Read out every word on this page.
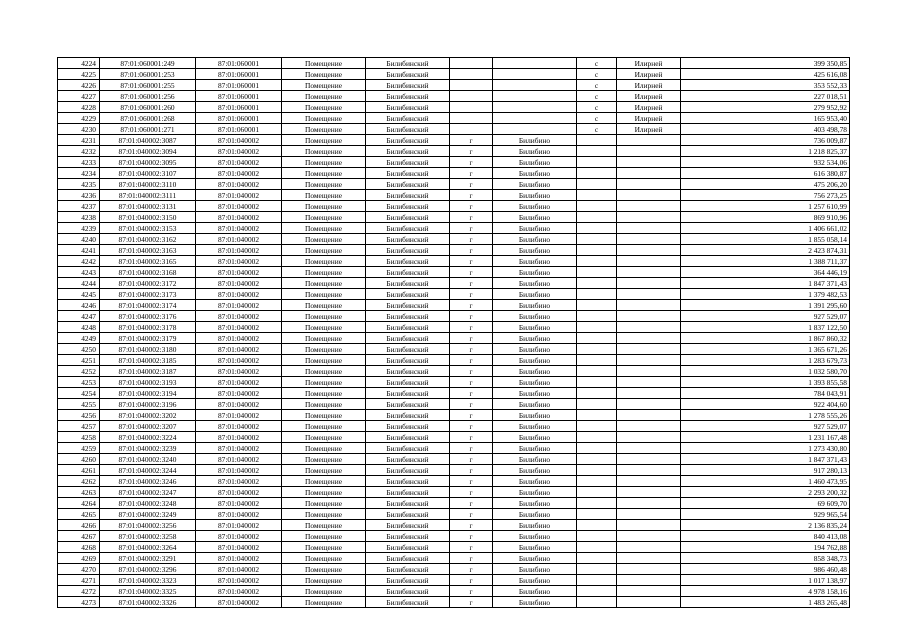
4224	87:01:060001:249	87:01:060001	Помещение	Билибинский			с	Илирней	399 350,85
4225	87:01:060001:253	87:01:060001	Помещение	Билибинский			с	Илирней	425 616,08
4226	87:01:060001:255	87:01:060001	Помещение	Билибинский			с	Илирней	353 552,33
4227	87:01:060001:256	87:01:060001	Помещение	Билибинский			с	Илирней	227 018,51
4228	87:01:060001:260	87:01:060001	Помещение	Билибинский			с	Илирней	279 952,92
4229	87:01:060001:268	87:01:060001	Помещение	Билибинский			с	Илирней	165 953,40
4230	87:01:060001:271	87:01:060001	Помещение	Билибинский			с	Илирней	403 498,78
4231	87:01:040002:3087	87:01:040002	Помещение	Билибинский	г	Билибино			736 009,87
4232	87:01:040002:3094	87:01:040002	Помещение	Билибинский	г	Билибино			1 218 825,37
4233	87:01:040002:3095	87:01:040002	Помещение	Билибинский	г	Билибино			932 534,06
4234	87:01:040002:3107	87:01:040002	Помещение	Билибинский	г	Билибино			616 380,87
4235	87:01:040002:3110	87:01:040002	Помещение	Билибинский	г	Билибино			475 206,20
4236	87:01:040002:3111	87:01:040002	Помещение	Билибинский	г	Билибино			756 273,25
4237	87:01:040002:3131	87:01:040002	Помещение	Билибинский	г	Билибино			1 257 610,99
4238	87:01:040002:3150	87:01:040002	Помещение	Билибинский	г	Билибино			869 910,96
4239	87:01:040002:3153	87:01:040002	Помещение	Билибинский	г	Билибино			1 406 661,02
4240	87:01:040002:3162	87:01:040002	Помещение	Билибинский	г	Билибино			1 855 058,14
4241	87:01:040002:3163	87:01:040002	Помещение	Билибинский	г	Билибино			2 423 874,31
4242	87:01:040002:3165	87:01:040002	Помещение	Билибинский	г	Билибино			1 388 711,37
4243	87:01:040002:3168	87:01:040002	Помещение	Билибинский	г	Билибино			364 446,19
4244	87:01:040002:3172	87:01:040002	Помещение	Билибинский	г	Билибино			1 847 371,43
4245	87:01:040002:3173	87:01:040002	Помещение	Билибинский	г	Билибино			1 379 482,53
4246	87:01:040002:3174	87:01:040002	Помещение	Билибинский	г	Билибино			1 391 295,60
4247	87:01:040002:3176	87:01:040002	Помещение	Билибинский	г	Билибино			927 529,07
4248	87:01:040002:3178	87:01:040002	Помещение	Билибинский	г	Билибино			1 837 122,50
4249	87:01:040002:3179	87:01:040002	Помещение	Билибинский	г	Билибино			1 867 860,32
4250	87:01:040002:3180	87:01:040002	Помещение	Билибинский	г	Билибино			1 365 671,26
4251	87:01:040002:3185	87:01:040002	Помещение	Билибинский	г	Билибино			1 283 679,73
4252	87:01:040002:3187	87:01:040002	Помещение	Билибинский	г	Билибино			1 032 580,70
4253	87:01:040002:3193	87:01:040002	Помещение	Билибинский	г	Билибино			1 393 855,58
4254	87:01:040002:3194	87:01:040002	Помещение	Билибинский	г	Билибино			784 043,91
4255	87:01:040002:3196	87:01:040002	Помещение	Билибинский	г	Билибино			922 404,60
4256	87:01:040002:3202	87:01:040002	Помещение	Билибинский	г	Билибино			1 278 555,26
4257	87:01:040002:3207	87:01:040002	Помещение	Билибинский	г	Билибино			927 529,07
4258	87:01:040002:3224	87:01:040002	Помещение	Билибинский	г	Билибино			1 231 167,48
4259	87:01:040002:3239	87:01:040002	Помещение	Билибинский	г	Билибино			1 273 430,80
4260	87:01:040002:3240	87:01:040002	Помещение	Билибинский	г	Билибино			1 847 371,43
4261	87:01:040002:3244	87:01:040002	Помещение	Билибинский	г	Билибино			917 280,13
4262	87:01:040002:3246	87:01:040002	Помещение	Билибинский	г	Билибино			1 460 473,95
4263	87:01:040002:3247	87:01:040002	Помещение	Билибинский	г	Билибино			2 293 200,32
4264	87:01:040002:3248	87:01:040002	Помещение	Билибинский	г	Билибино			69 609,70
4265	87:01:040002:3249	87:01:040002	Помещение	Билибинский	г	Билибино			929 965,54
4266	87:01:040002:3256	87:01:040002	Помещение	Билибинский	г	Билибино			2 136 835,24
4267	87:01:040002:3258	87:01:040002	Помещение	Билибинский	г	Билибино			840 413,08
4268	87:01:040002:3264	87:01:040002	Помещение	Билибинский	г	Билибино			194 762,88
4269	87:01:040002:3291	87:01:040002	Помещение	Билибинский	г	Билибино			858 348,73
4270	87:01:040002:3296	87:01:040002	Помещение	Билибинский	г	Билибино			986 460,48
4271	87:01:040002:3323	87:01:040002	Помещение	Билибинский	г	Билибино			1 017 138,97
4272	87:01:040002:3325	87:01:040002	Помещение	Билибинский	г	Билибино			4 978 158,16
4273	87:01:040002:3326	87:01:040002	Помещение	Билибинский	г	Билибино			1 483 265,48
